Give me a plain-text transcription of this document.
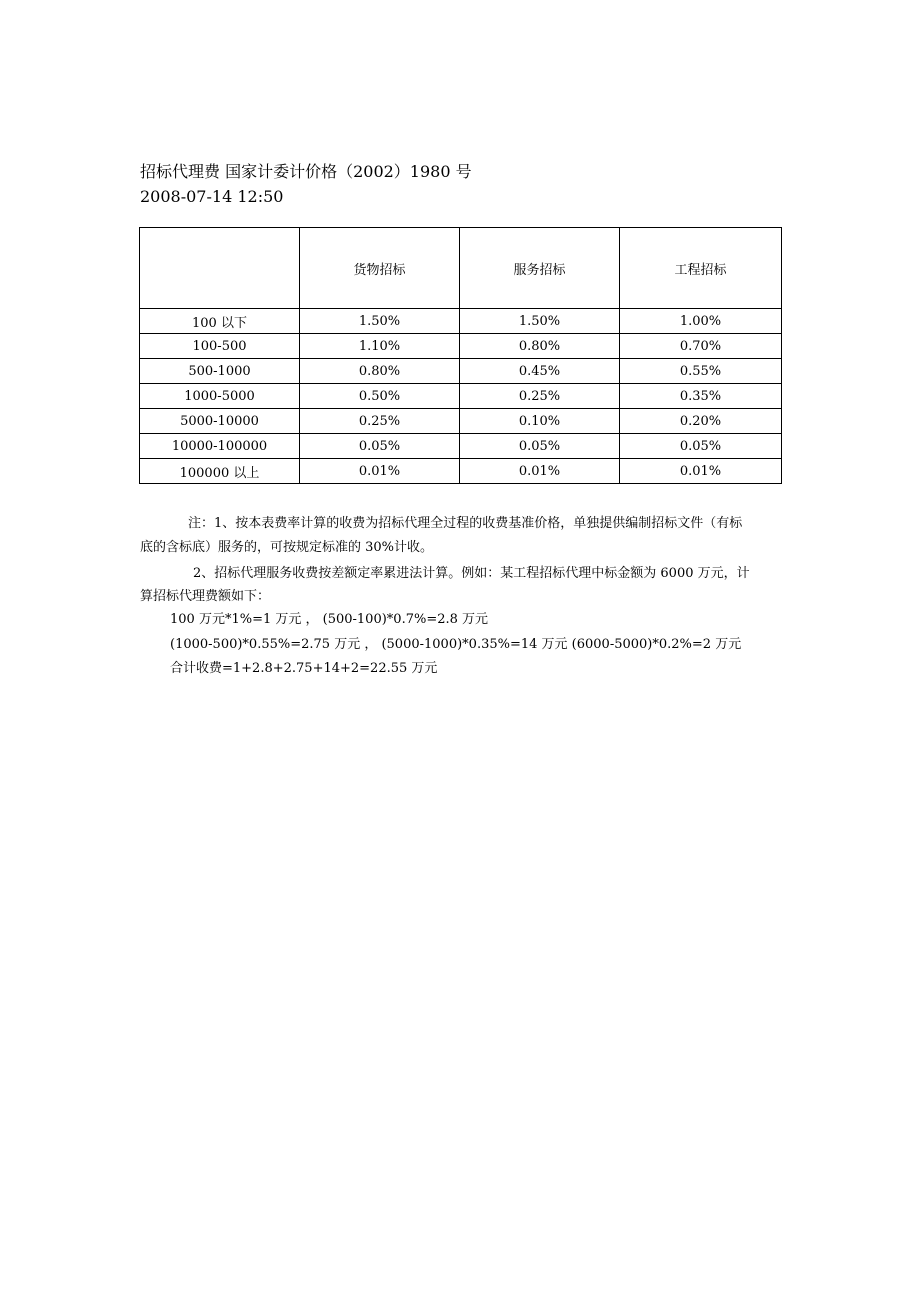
招标代理费 国家计委计价格（2002）1980 号
2008-07-14 12:50
	货物招标	服务招标	工程招标
100 以下	1.50%	1.50%	1.00%
100-500	1.10%	0.80%	0.70%
500-1000	0.80%	0.45%	0.55%
1000-5000	0.50%	0.25%	0.35%
5000-10000	0.25%	0.10%	0.20%
10000-100000	0.05%	0.05%	0.05%
100000 以上	0.01%	0.01%	0.01%
注：1、按本表费率计算的收费为招标代理全过程的收费基准价格，单独提供编制招标文件（有标
底的含标底）服务的，可按规定标准的 30%计收。
2、招标代理服务收费按差额定率累进法计算。例如：某工程招标代理中标金额为 6000 万元，计
算招标代理费额如下：
100 万元*1%=1 万元 ， (500-100)*0.7%=2.8 万元
(1000-500)*0.55%=2.75 万元 ， (5000-1000)*0.35%=14 万元 (6000-5000)*0.2%=2 万元
合计收费=1+2.8+2.75+14+2=22.55 万元
